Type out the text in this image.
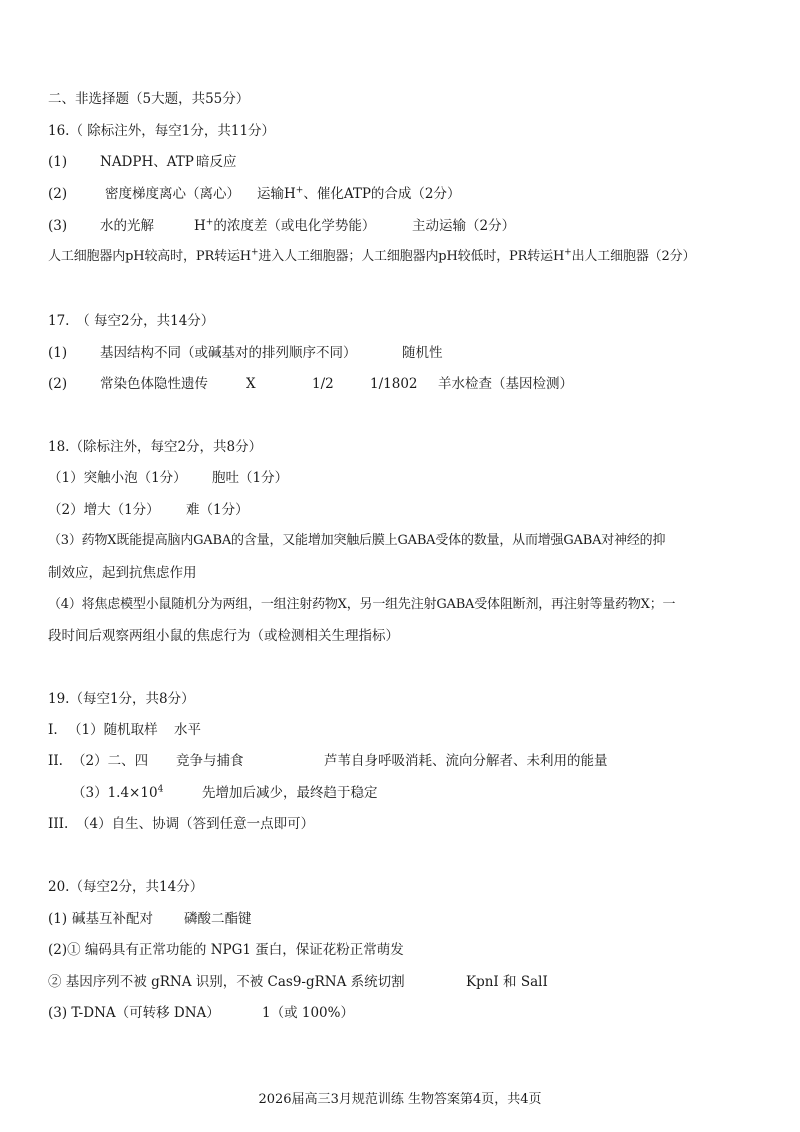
二、非选择题（5大题，共55分）
16.（ 除标注外，每空1分，共11分）
(1) NADPH、ATP 暗反应
(2)	密度梯度离心（离心） 运输H+、催化ATP的合成（2分）
(3) 水的光解	H+的浓度差（或电化学势能）	主动运输（2分）
人工细胞器内pH较高时，PR转运H+进入人工细胞器；人工细胞器内pH较低时，PR转运H+出人工细胞器（2分）
17.　（ 每空2分，共14分）
(1) 基因结构不同（或碱基对的排列顺序不同）	随机性
(2) 常染色体隐性遗传	X	1/2	1/1802 羊水检查（基因检测）
18.（除标注外，每空2分，共8分）
（1）突触小泡（1分） 胞吐（1分）
（2）增大（1分） 难（1分）
（3）药物X既能提高脑内GABA的含量，又能增加突触后膜上GABA受体的数量，从而增强GABA对神经的抑
制效应，起到抗焦虑作用
（4）将焦虑模型小鼠随机分为两组，一组注射药物X，另一组先注射GABA受体阻断剂，再注射等量药物X；一
段时间后观察两组小鼠的焦虑行为（或检测相关生理指标）
19.（每空1分，共8分）
I. （1）随机取样 水平
II. （2）二、四 竞争与捕食	芦苇自身呼吸消耗、流向分解者、未利用的能量
$(3)1.4\times 10^4$	先增加后减少，最终趋于稳定
III. （4）自生、协调（答到任意一点即可）
20.（每空2分，共14分）
(1) 碱基互补配对 磷酸二酯键
(2)① 编码具有正常功能的 NPG1 蛋白，保证花粉正常萌发
② 基因序列不被 gRNA 识别，不被 Cas9-gRNA 系统切割	KpnI 和 SalI
(3) T-DNA（可转移 DNA）	1（或 100%）
2026届高三3月规范训练 生物答案第4页，共4页
